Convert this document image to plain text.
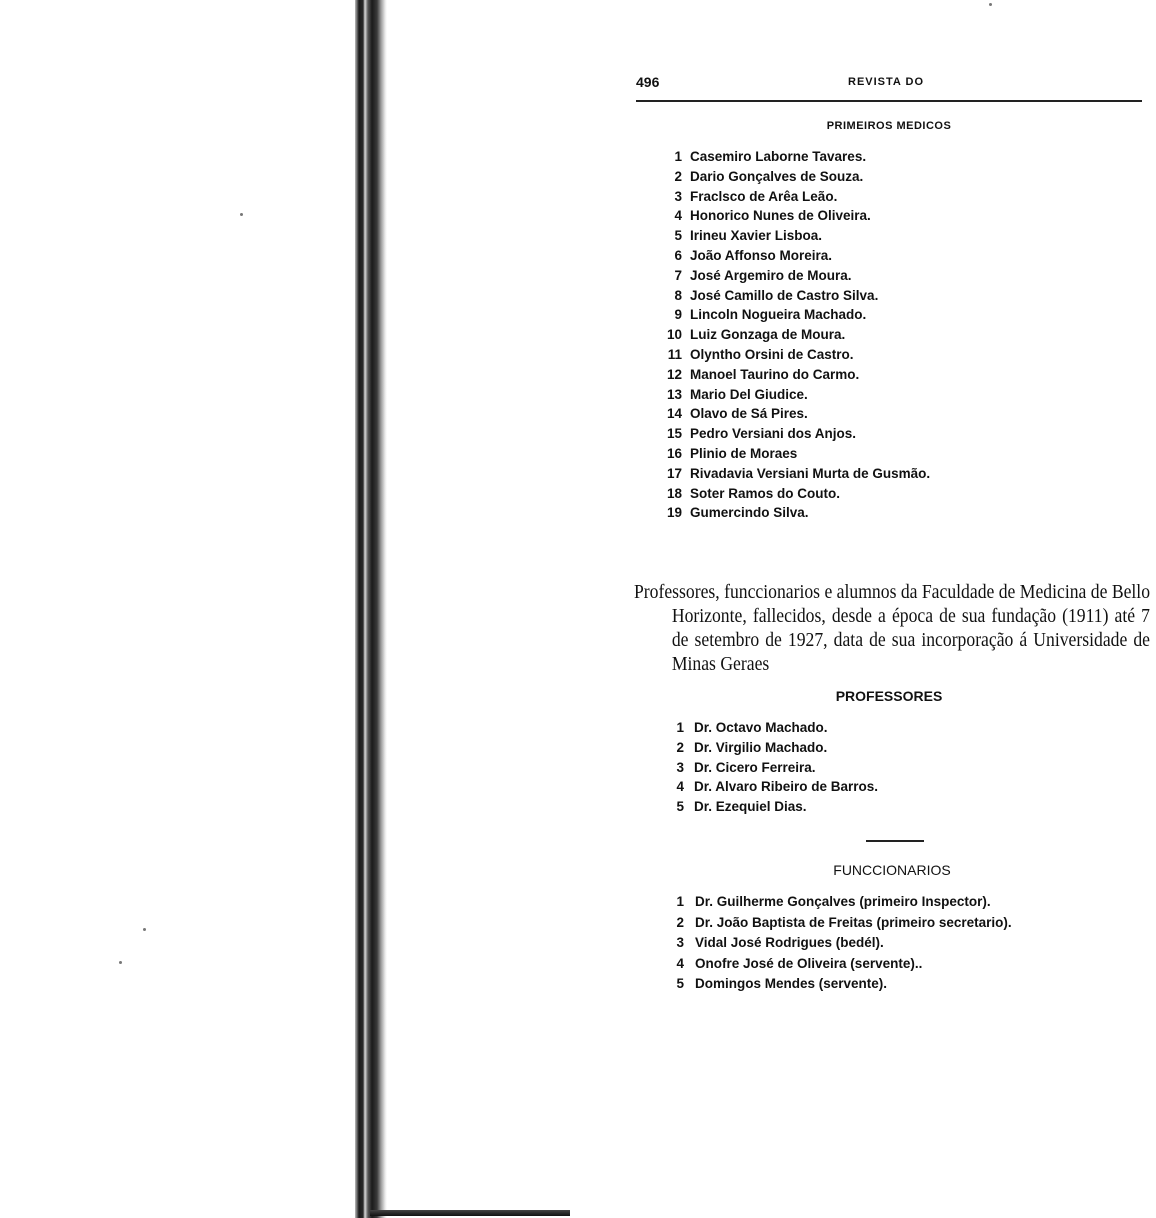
496	REVISTA DO
PRIMEIROS MEDICOS
1 Casemiro Laborne Tavares.
2 Dario Gonçalves de Souza.
3 Fraclsco de Arêa Leão.
4 Honorico Nunes de Oliveira.
5 Irineu Xavier Lisboa.
6 João Affonso Moreira.
7 José Argemiro de Moura.
8 José Camillo de Castro Silva.
9 Lincoln Nogueira Machado.
10 Luiz Gonzaga de Moura.
11 Olyntho Orsini de Castro.
12 Manoel Taurino do Carmo.
13 Mario Del Giudice.
14 Olavo de Sá Pires.
15 Pedro Versiani dos Anjos.
16 Plinio de Moraes
17 Rivadavia Versiani Murta de Gusmão.
18 Soter Ramos do Couto.
19 Gumercindo Silva.

Professores, funccionarios e alumnos da Faculdade de Medicina de Bello Horizonte, fallecidos, desde a época de sua fundação (1911) até 7 de setembro de 1927, data de sua incorporação á Universidade de Minas Geraes

PROFESSORES
1 Dr. Octavo Machado.
2 Dr. Virgilio Machado.
3 Dr. Cicero Ferreira.
4 Dr. Alvaro Ribeiro de Barros.
5 Dr. Ezequiel Dias.
FUNCCIONARIOS
1 Dr. Guilherme Gonçalves (primeiro Inspector).
2 Dr. João Baptista de Freitas (primeiro secretario).
3 Vidal José Rodrigues (bedél).
4 Onofre José de Oliveira (servente)..
5 Domingos Mendes (servente).
